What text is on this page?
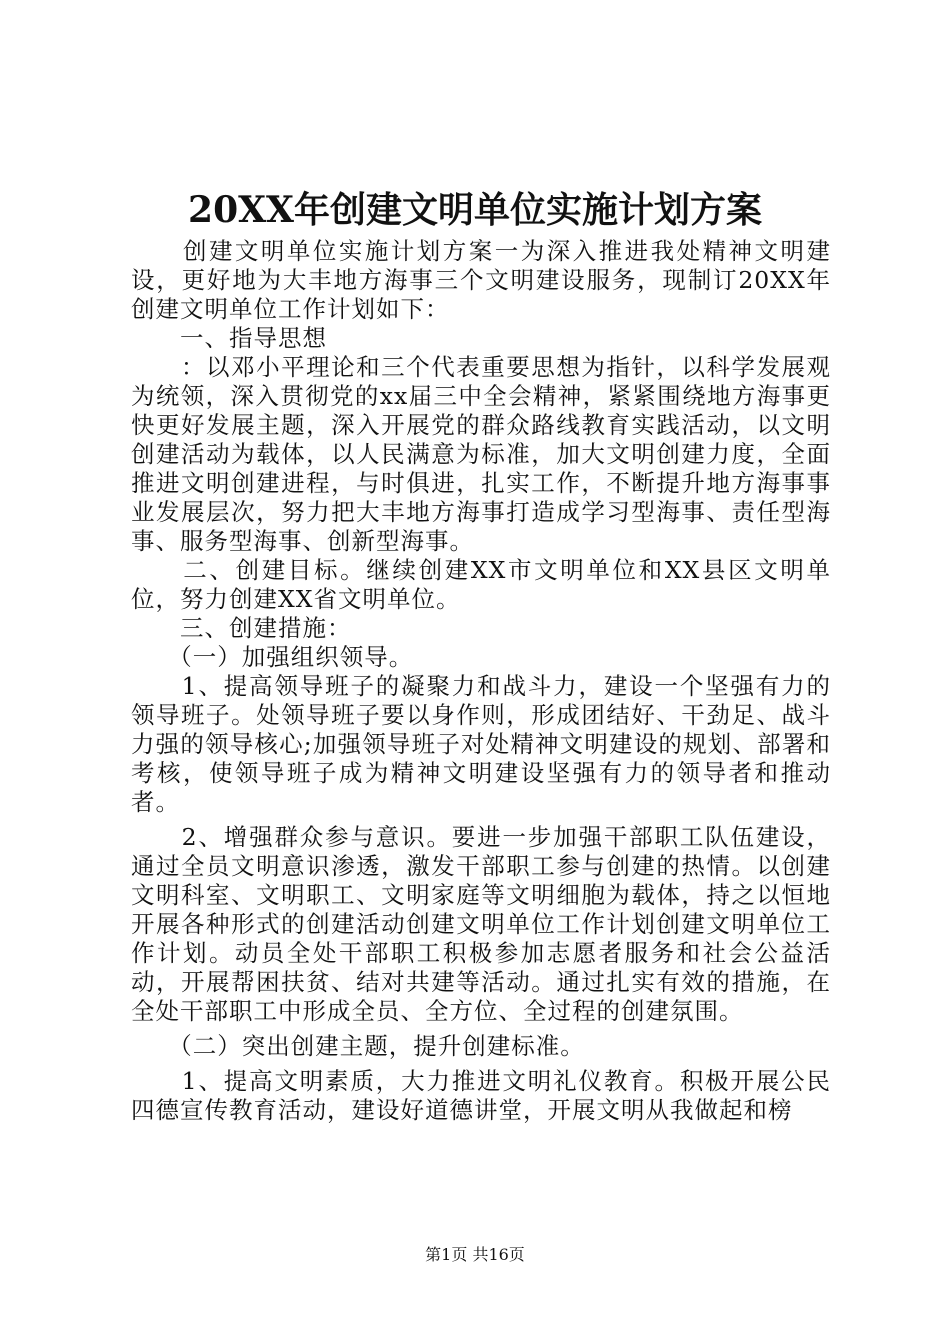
20XX年创建文明单位实施计划方案

　　创建文明单位实施计划方案一为深入推进我处精神文明建设，更好地为大丰地方海事三个文明建设服务，现制订20XX年创建文明单位工作计划如下：

　　一、指导思想

　　：以邓小平理论和三个代表重要思想为指针，以科学发展观为统领，深入贯彻党的xx届三中全会精神，紧紧围绕地方海事更快更好发展主题，深入开展党的群众路线教育实践活动，以文明创建活动为载体，以人民满意为标准，加大文明创建力度，全面推进文明创建进程，与时俱进，扎实工作，不断提升地方海事事业发展层次，努力把大丰地方海事打造成学习型海事、责任型海事、服务型海事、创新型海事。

　　二、创建目标。继续创建XX市文明单位和XX县区文明单位，努力创建XX省文明单位。

　　三、创建措施：

　　（一）加强组织领导。

　　1、提高领导班子的凝聚力和战斗力，建设一个坚强有力的领导班子。处领导班子要以身作则，形成团结好、干劲足、战斗力强的领导核心;加强领导班子对处精神文明建设的规划、部署和考核，使领导班子成为精神文明建设坚强有力的领导者和推动者。

　　2、增强群众参与意识。要进一步加强干部职工队伍建设，通过全员文明意识渗透，激发干部职工参与创建的热情。以创建文明科室、文明职工、文明家庭等文明细胞为载体，持之以恒地开展各种形式的创建活动创建文明单位工作计划创建文明单位工作计划。动员全处干部职工积极参加志愿者服务和社会公益活动，开展帮困扶贫、结对共建等活动。通过扎实有效的措施，在全处干部职工中形成全员、全方位、全过程的创建氛围。

　　（二）突出创建主题，提升创建标准。

　　1、提高文明素质，大力推进文明礼仪教育。积极开展公民四德宣传教育活动，建设好道德讲堂，开展文明从我做起和榜

第1页 共16页
